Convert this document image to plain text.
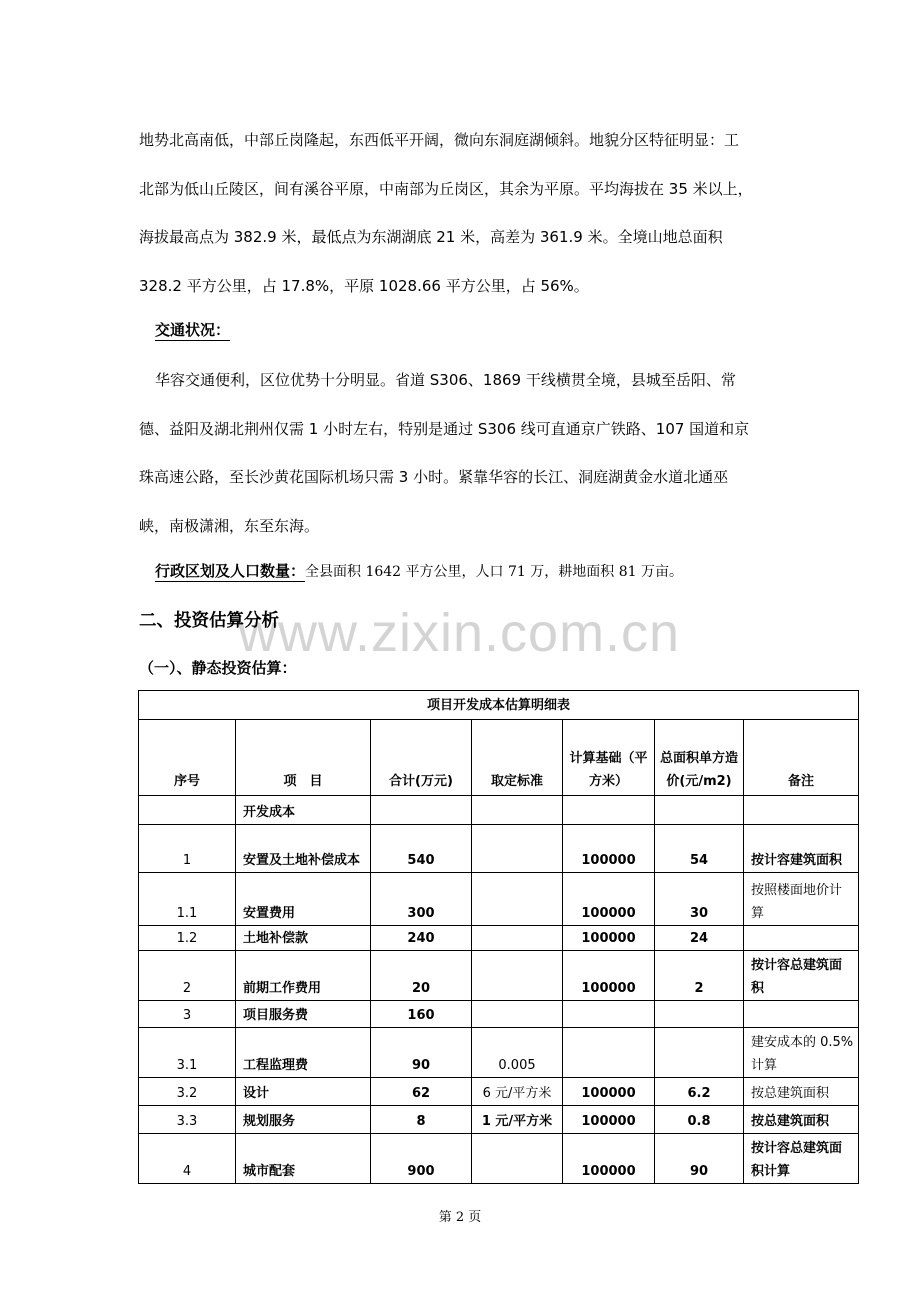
地势北高南低，中部丘岗隆起，东西低平开阔，微向东洞庭湖倾斜。地貌分区特征明显：工

北部为低山丘陵区，间有溪谷平原，中南部为丘岗区，其余为平原。平均海拔在 35 米以上，

海拔最高点为 382.9 米，最低点为东湖湖底 21 米，高差为 361.9 米。全境山地总面积

328.2 平方公里，占 17.8%，平原 1028.66 平方公里，占 56%。

交通状况：

华容交通便利，区位优势十分明显。省道 S306、1869 干线横贯全境，县城至岳阳、常

德、益阳及湖北荆州仅需 1 小时左右，特别是通过 S306 线可直通京广铁路、107 国道和京

珠高速公路，至长沙黄花国际机场只需 3 小时。紧靠华容的长江、洞庭湖黄金水道北通巫

峡，南极潇湘，东至东海。

行政区划及人口数量：全县面积 1642 平方公里，人口 71 万，耕地面积 81 万亩。
www.zixin.com.cn
二、投资估算分析
（一）、静态投资估算：
项目开发成本估算明细表						
序号	项　目	合计(万元)	取定标准	计算基础（平方米）	总面积单方造价(元/m2)	备注
	开发成本					
1	安置及土地补偿成本	540		100000	54	按计容建筑面积
1.1	安置费用	300		100000	30	按照楼面地价计算
1.2	土地补偿款	240		100000	24	
2	前期工作费用	20		100000	2	按计容总建筑面积
3	项目服务费	160				
3.1	工程监理费	90	0.005			建安成本的 0.5%计算
3.2	设计	62	6 元/平方米	100000	6.2	按总建筑面积
3.3	规划服务	8	1 元/平方米	100000	0.8	按总建筑面积
4	城市配套	900		100000	90	按计容总建筑面积计算
第 2 页
